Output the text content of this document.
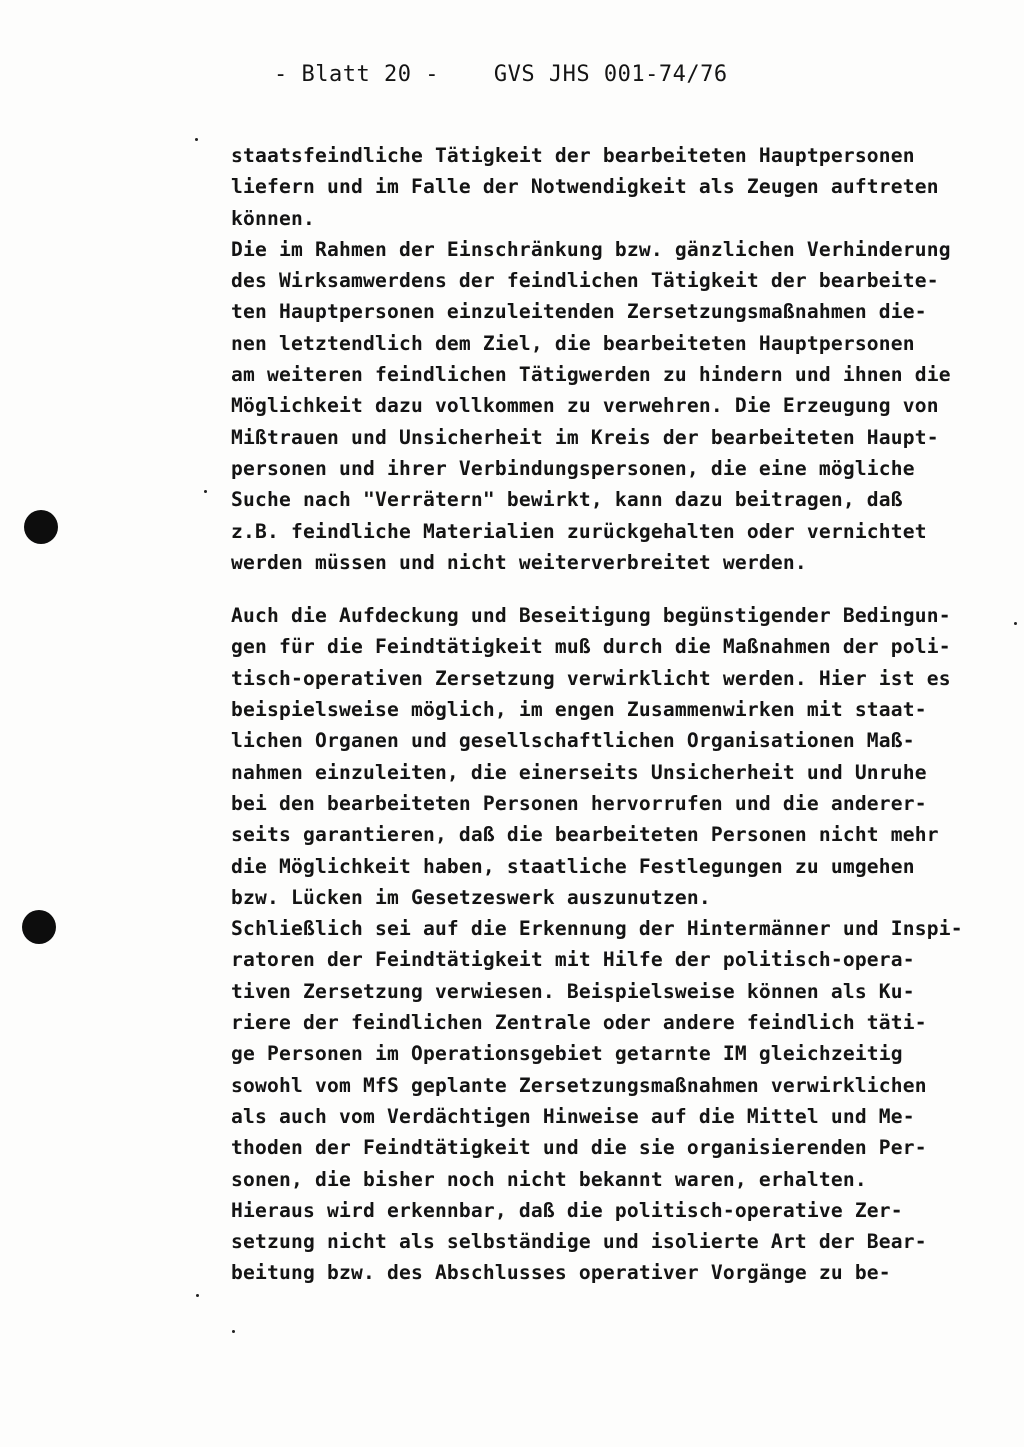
- Blatt 20 -    GVS JHS 001-74/76
staatsfeindliche Tätigkeit der bearbeiteten Hauptpersonen
liefern und im Falle der Notwendigkeit als Zeugen auftreten
können.
Die im Rahmen der Einschränkung bzw. gänzlichen Verhinderung
des Wirksamwerdens der feindlichen Tätigkeit der bearbeite-
ten Hauptpersonen einzuleitenden Zersetzungsmaßnahmen die-
nen letztendlich dem Ziel, die bearbeiteten Hauptpersonen
am weiteren feindlichen Tätigwerden zu hindern und ihnen die
Möglichkeit dazu vollkommen zu verwehren. Die Erzeugung von
Mißtrauen und Unsicherheit im Kreis der bearbeiteten Haupt-
personen und ihrer Verbindungspersonen, die eine mögliche
Suche nach "Verrätern" bewirkt, kann dazu beitragen, daß
z.B. feindliche Materialien zurückgehalten oder vernichtet
werden müssen und nicht weiterverbreitet werden.
Auch die Aufdeckung und Beseitigung begünstigender Bedingun-
gen für die Feindtätigkeit muß durch die Maßnahmen der poli-
tisch-operativen Zersetzung verwirklicht werden. Hier ist es
beispielsweise möglich, im engen Zusammenwirken mit staat-
lichen Organen und gesellschaftlichen Organisationen Maß-
nahmen einzuleiten, die einerseits Unsicherheit und Unruhe
bei den bearbeiteten Personen hervorrufen und die anderer-
seits garantieren, daß die bearbeiteten Personen nicht mehr
die Möglichkeit haben, staatliche Festlegungen zu umgehen
bzw. Lücken im Gesetzeswerk auszunutzen.
Schließlich sei auf die Erkennung der Hintermänner und Inspi-
ratoren der Feindtätigkeit mit Hilfe der politisch-opera-
tiven Zersetzung verwiesen. Beispielsweise können als Ku-
riere der feindlichen Zentrale oder andere feindlich täti-
ge Personen im Operationsgebiet getarnte IM gleichzeitig
sowohl vom MfS geplante Zersetzungsmaßnahmen verwirklichen
als auch vom Verdächtigen Hinweise auf die Mittel und Me-
thoden der Feindtätigkeit und die sie organisierenden Per-
sonen, die bisher noch nicht bekannt waren, erhalten.
Hieraus wird erkennbar, daß die politisch-operative Zer-
setzung nicht als selbständige und isolierte Art der Bear-
beitung bzw. des Abschlusses operativer Vorgänge zu be-
